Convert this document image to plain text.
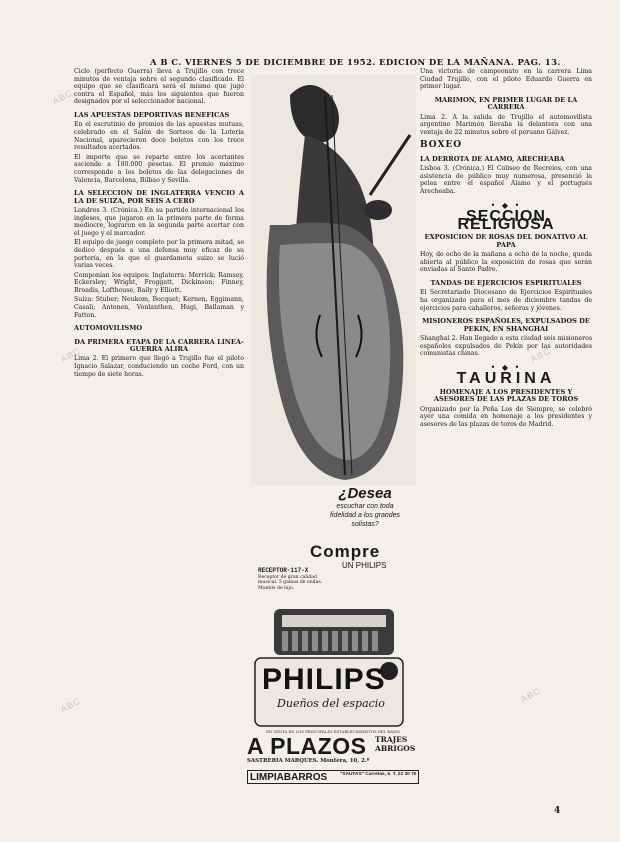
ABC
ABC	ABC
ABC
ABC
A B C. VIERNES 5 DE DICIEMBRE DE 1952. EDICION DE LA MAÑANA. PAG. 13.

Ciclo (perfecto Guerra) lleva a Trujillo con trece minutos de ventaja sobre el segundo clasificado. El equipo que se clasificará será el mismo que jugó contra el Español, más los siguientes que fueron designados por el seleccionador nacional.

LAS APUESTAS DEPORTIVAS BENEFICAS

En el escrutinio de premios de las apuestas mutuas, celebrado en el Salón de Sorteos de la Lotería Nacional, aparecieron doce boletos con los trece resultados acertados.

El importe que se reparte entre los acertantes asciende a 180.000 pesetas. El premio máximo corresponde a los boletos de las delegaciones de Valencia, Barcelona, Bilbao y Sevilla.

LA SELECCION DE INGLATERRA VENCIO A LA DE SUIZA, POR SEIS A CERO

Londres 3. (Crónica.) En su partido internacional los ingleses, que jugaron en la primera parte de forma mediocre, lograron en la segunda parte acertar con el juego y el marcador.

El equipo de juego completo por la primera mitad, se dedicó después a una defensa muy eficaz de su portería, en la que el guardameta suizo se lució varias veces.

Componían los equipos: Inglaterra: Merrick; Ramsey, Eckersley; Wright, Froggatt, Dickinson; Finney, Broadis, Lofthouse, Baily y Elliott.

Suiza: Stuber; Neukom, Bocquet; Kernen, Eggimann, Casali; Antenen, Vonlanthen, Hugi, Ballaman y Fatton.

AUTOMOVILISMO

DA PRIMERA ETAPA DE LA CARRERA LINEA-GUERRA ALIRA

Lima 2. El primero que llegó a Trujillo fue el piloto Ignacio Salazar, conduciendo un coche Ford, con un tiempo de siete horas.

¿Desea
escuchar con toda
fidelidad a los grandes
solistas?
Compre
UN PHILIPS
RECEPTOR-117-X
Receptor de gran calidad musical. 5 gamas de ondas. Mueble de lujo.
PHILIPS
Dueños del espacio
EN VENTA EN LOS PRINCIPALES ESTABLECIMIENTOS DEL RAMO
A PLAZOS TRAJES
ABRIGOS
SASTRERIA MARQUES. Montera, 10, 2.º
LIMPIABARROS	"SAUTAS" Carretas, 6. T. 22 30 70

Una victoria de campeonato en la carrera Lima Ciudad Trujillo, con el piloto Eduardo Guerra en primer lugar.

MARIMON, EN PRIMER LUGAR DE LA CARRERA

Lima 2. A la salida de Trujillo el automovilista argentino Marimón llevaba la delantera con una ventaja de 22 minutos sobre el peruano Gálvez.

BOXEO

LA DERROTA DE ALAMO, ARECHEABA

Lisboa 3. (Crónica.) El Coliseo de Recreios, con una asistencia de público muy numerosa, presenció la pelea entre el español Álamo y el portugués Arecheaba.

• ◆ •

SECCION RELIGIOSA

EXPOSICION DE ROSAS DEL DONATIVO AL PAPA

Hoy, de ocho de la mañana a ocho de la noche, queda abierta al público la exposición de rosas que serán enviadas al Santo Padre.

TANDAS DE EJERCICIOS ESPIRITUALES

El Secretariado Diocesano de Ejercicios Espirituales ha organizado para el mes de diciembre tandas de ejercicios para caballeros, señoras y jóvenes.

MISIONEROS ESPAÑOLES, EXPULSADOS DE PEKIN, EN SHANGHAI

Shanghai 2. Han llegado a esta ciudad seis misioneros españoles expulsados de Pekín por las autoridades comunistas chinas.

• ◆ •

TAURINA

HOMENAJE A LOS PRESIDENTES Y ASESORES DE LAS PLAZAS DE TOROS

Organizado por la Peña Los de Siempre, se celebró ayer una comida en homenaje a los presidentes y asesores de las plazas de toros de Madrid.

4
